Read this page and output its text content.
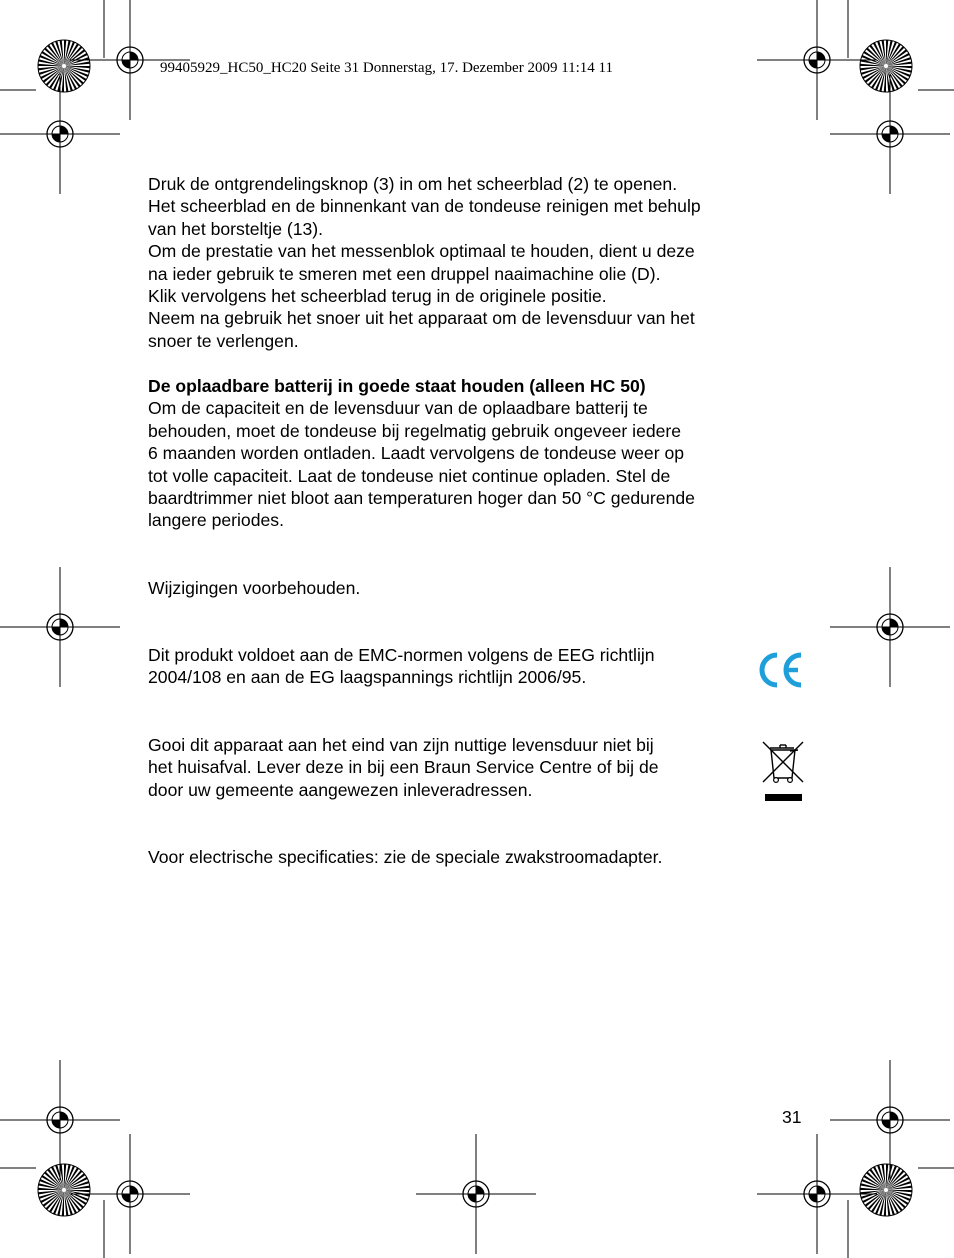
99405929_HC50_HC20 Seite 31 Donnerstag, 17. Dezember 2009 11:14 11
Druk de ontgrendelingsknop (3) in om het scheerblad (2) te openen.
Het scheerblad en de binnenkant van de tondeuse reinigen met behulp
van het borsteltje (13).
Om de prestatie van het messenblok optimaal te houden, dient u deze
na ieder gebruik te smeren met een druppel naaimachine olie (D).
Klik vervolgens het scheerblad terug in de originele positie.
Neem na gebruik het snoer uit het apparaat om de levensduur van het
snoer te verlengen.
De oplaadbare batterij in goede staat houden (alleen HC 50)
Om de capaciteit en de levensduur van de oplaadbare batterij te
behouden, moet de tondeuse bij regelmatig gebruik ongeveer iedere
6 maanden worden ontladen. Laadt vervolgens de tondeuse weer op
tot volle capaciteit. Laat de tondeuse niet continue opladen. Stel de
baardtrimmer niet bloot aan temperaturen hoger dan 50 °C gedurende
langere periodes.
Wijzigingen voorbehouden.
Dit produkt voldoet aan de EMC-normen volgens de EEG richtlijn
2004/108 en aan de EG laagspannings richtlijn 2006/95.
Gooi dit apparaat aan het eind van zijn nuttige levensduur niet bij
het huisafval. Lever deze in bij een Braun Service Centre of bij de
door uw gemeente aangewezen inleveradressen.
Voor electrische specificaties: zie de speciale zwakstroomadapter.
31
